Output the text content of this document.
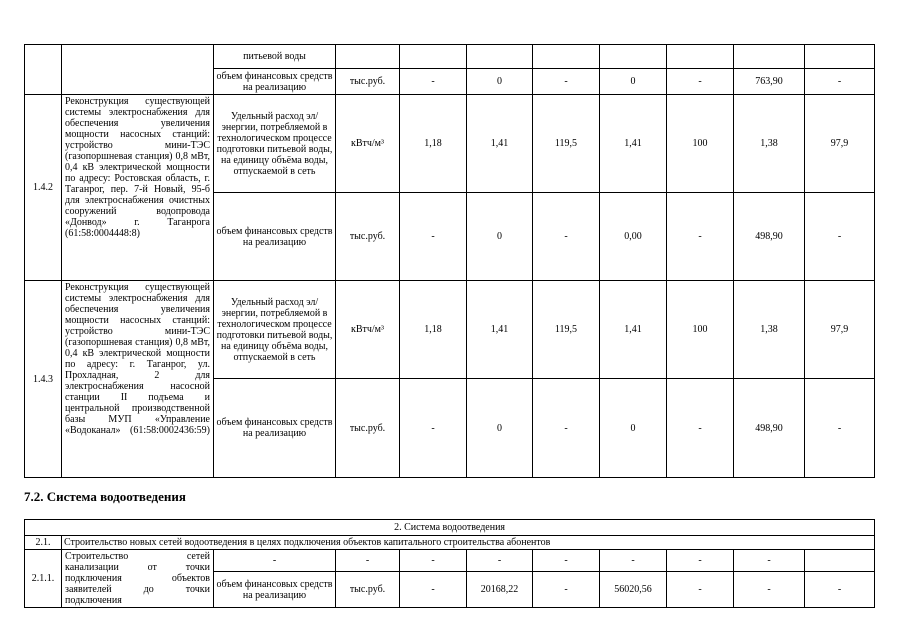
		питьевой воды								
		объем финансовых средств на реализацию	тыс.руб.	-	0	-	0	-	763,90	-
1.4.2	Реконструкция существующей системы электроснабжения для обеспечения увеличения мощности насосных станций: устройство мини-ТЭС (газопоршневая станция) 0,8 мВт, 0,4 кВ электрической мощности по адресу: Ростовская область, г. Таганрог, пер. 7-й Новый, 95-б для электроснабжения очистных сооружений водопровода «Донвод» г. Таганрога (61:58:0004448:8)	Удельный расход эл/энергии, потребляемой в технологическом процессе подготовки питьевой воды, на единицу объёма воды, отпускаемой в сеть	кВтч/м³	1,18	1,41	119,5	1,41	100	1,38	97,9
		объем финансовых средств на реализацию	тыс.руб.	-	0	-	0,00	-	498,90	-
1.4.3	Реконструкция существующей системы электроснабжения для обеспечения увеличения мощности насосных станций: устройство мини-ТЭС (газопоршневая станция) 0,8 мВт, 0,4 кВ электрической мощности по адресу: г. Таганрог, ул. Прохладная, 2 для электроснабжения насосной станции II подъема и центральной производственной базы МУП «Управление «Водоканал» (61:58:0002436:59)	Удельный расход эл/энергии, потребляемой в технологическом процессе подготовки питьевой воды, на единицу объёма воды, отпускаемой в сеть	кВтч/м³	1,18	1,41	119,5	1,41	100	1,38	97,9
		объем финансовых средств на реализацию	тыс.руб.	-	0	-	0	-	498,90	-
7.2. Система водоотведения
2. Система водоотведения										
2.1.	Строительство новых сетей водоотведения в целях подключения объектов капитального строительства абонентов									
2.1.1.	Строительство сетей канализации от точки подключения объектов заявителей до точки подключения	-	-	-	-	-	-	-	-	
		объем финансовых средств на реализацию	тыс.руб.	-	20168,22	-	56020,56	-	-	-
